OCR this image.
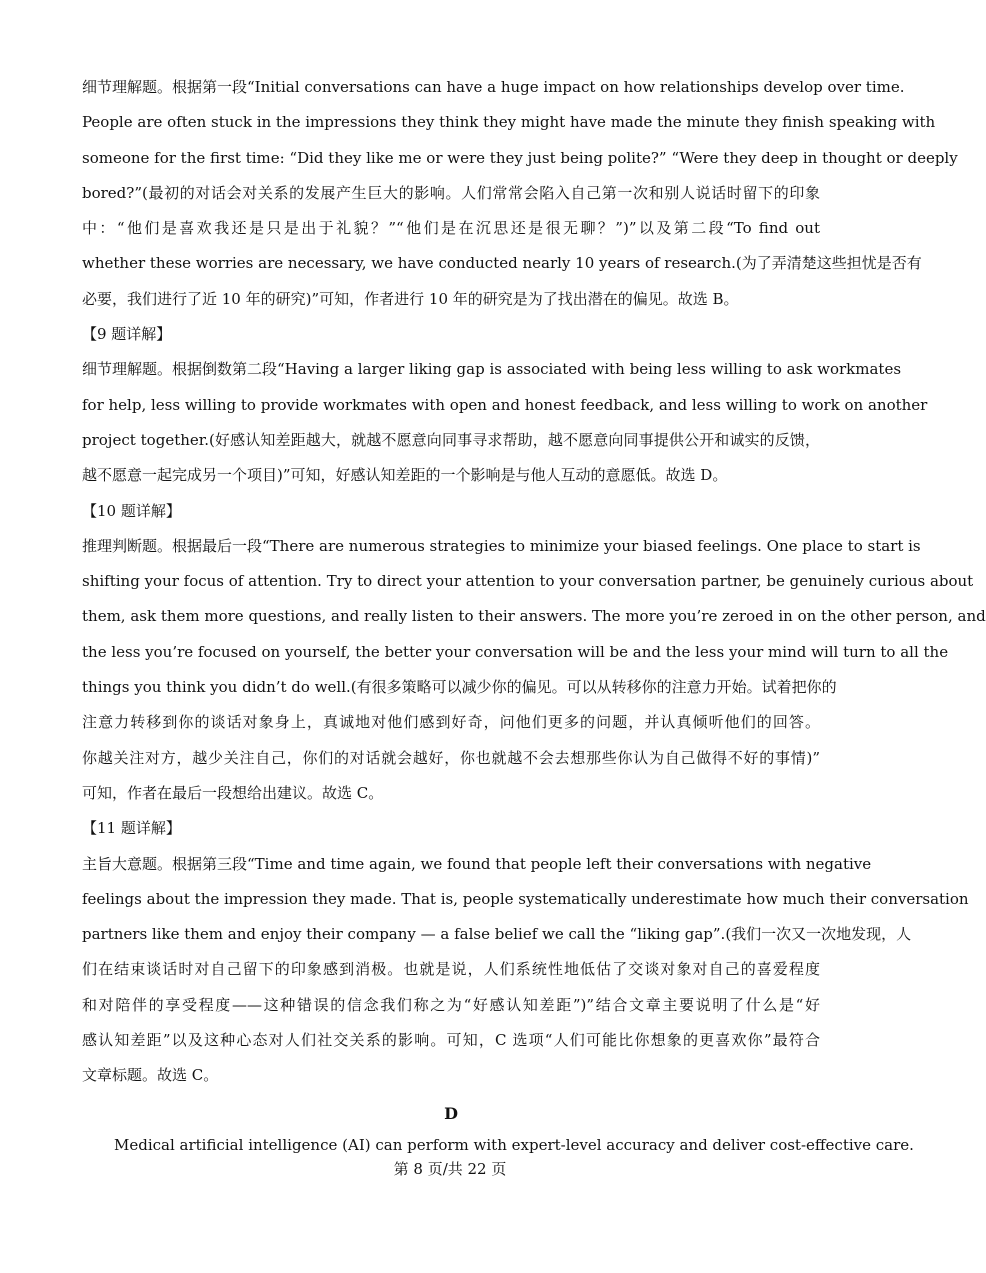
细节理解题。根据第一段“Initial conversations can have a huge impact on how relationships develop over time.
People are often stuck in the impressions they think they might have made the minute they finish speaking with
someone for the first time: “Did they like me or were they just being polite?” “Were they deep in thought or deeply
bored?”(最初的对话会对关系的发展产生巨大的影响。人们常常会陷入自己第一次和别人说话时留下的印象
中：“他们是喜欢我还是只是出于礼貌？”“他们是在沉思还是很无聊？”)”以及第二段“To find out
whether these worries are necessary, we have conducted nearly 10 years of research.(为了弄清楚这些担忧是否有
必要，我们进行了近 10 年的研究)”可知，作者进行 10 年的研究是为了找出潜在的偏见。故选 B。
【9 题详解】
细节理解题。根据倒数第二段“Having a larger liking gap is associated with being less willing to ask workmates
for help, less willing to provide workmates with open and honest feedback, and less willing to work on another
project together.(好感认知差距越大，就越不愿意向同事寻求帮助，越不愿意向同事提供公开和诚实的反馈，
越不愿意一起完成另一个项目)”可知，好感认知差距的一个影响是与他人互动的意愿低。故选 D。
【10 题详解】
推理判断题。根据最后一段“There are numerous strategies to minimize your biased feelings. One place to start is
shifting your focus of attention. Try to direct your attention to your conversation partner, be genuinely curious about
them, ask them more questions, and really listen to their answers. The more you’re zeroed in on the other person, and
the less you’re focused on yourself, the better your conversation will be and the less your mind will turn to all the
things you think you didn’t do well.(有很多策略可以减少你的偏见。可以从转移你的注意力开始。试着把你的
注意力转移到你的谈话对象身上，真诚地对他们感到好奇，问他们更多的问题，并认真倾听他们的回答。
你越关注对方，越少关注自己，你们的对话就会越好，你也就越不会去想那些你认为自己做得不好的事情)”
可知，作者在最后一段想给出建议。故选 C。
【11 题详解】
主旨大意题。根据第三段“Time and time again, we found that people left their conversations with negative
feelings about the impression they made. That is, people systematically underestimate how much their conversation
partners like them and enjoy their company — a false belief we call the “liking gap”.(我们一次又一次地发现，人
们在结束谈话时对自己留下的印象感到消极。也就是说，人们系统性地低估了交谈对象对自己的喜爱程度
和对陪伴的享受程度——这种错误的信念我们称之为“好感认知差距”)”结合文章主要说明了什么是“好
感认知差距”以及这种心态对人们社交关系的影响。可知，C 选项“人们可能比你想象的更喜欢你”最符合
文章标题。故选 C。
D
Medical artificial intelligence (AI) can perform with expert-level accuracy and deliver cost-effective care.
第 8 页/共 22 页
